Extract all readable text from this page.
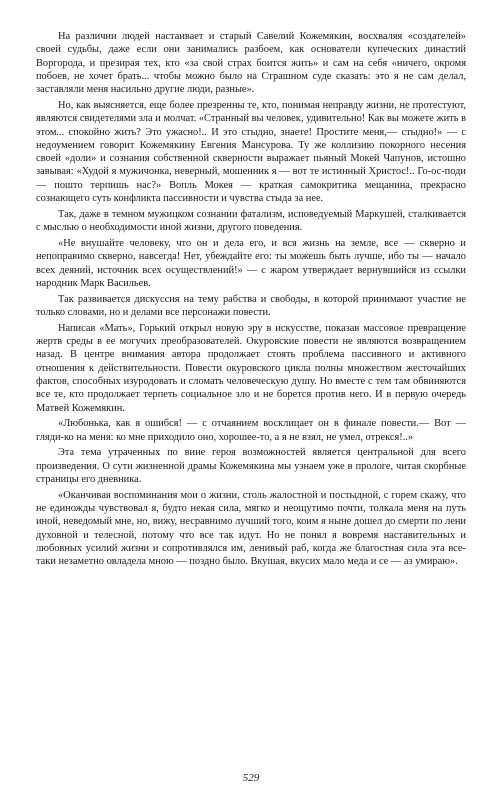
На различии людей настаивает и старый Савелий Кожемякин, восхваляя «создателей» своей судьбы, даже если они занимались разбоем, как основатели купеческих династий Воргорода, и презирая тех, кто «за свой страх боится жить» и сам на себя «ничего, окромя побоев, не хочет брать... чтобы можно было на Страшном суде сказать: это я не сам делал, заставляли меня насильно другие люди, разные».

Но, как выясняется, еще более презренны те, кто, понимая неправду жизни, не протестуют, являются свидетелями зла и молчат. «Странный вы человек, удивительно! Как вы можете жить в этом... спокойно жить? Это ужасно!.. И это стыдно, знаете! Простите меня,— стыдно!» — с недоумением говорит Кожемякину Евгения Мансурова. Ту же коллизию покорного несения своей «доли» и сознания собственной скверности выражает пьяный Мокей Чапунов, истошно завывая: «Худой я мужичонка, неверный, мошенник я — вот те истинный Христос!.. Го-ос-поди — пошто терпишь нас?» Вопль Мокея — краткая самокритика мещанина, прекрасно сознающего суть конфликта пассивности и чувства стыда за нее.

Так, даже в темном мужицком сознании фатализм, исповедуемый Маркушей, сталкивается с мыслью о необходимости иной жизни, другого поведения.

«Не внушайте человеку, что он и дела его, и вся жизнь на земле, все — скверно и непоправимо скверно, навсегда! Нет, убеждайте его: ты можешь быть лучше, ибо ты — начало всех деяний, источник всех осуществлений!» — с жаром утверждает вернувшийся из ссылки народник Марк Васильев.

Так развивается дискуссия на тему рабства и свободы, в которой принимают участие не только словами, но и делами все персонажи повести.

Написав «Мать», Горький открыл новую эру в искусстве, показав массовое превращение жертв среды в ее могучих преобразователей. Окуровские повести не являются возвращением назад. В центре внимания автора продолжает стоять проблема пассивного и активного отношения к действительности. Повести окуровского цикла полны множеством жесточайших фактов, способных изуродовать и сломать человеческую душу. Но вместе с тем там обвиняются все те, кто продолжает терпеть социальное зло и не борется против него. И в первую очередь Матвей Кожемякин.

«Любонька, как я ошибся! — с отчаянием восклицает он в финале повести.— Вот — гляди-ко на меня: ко мне приходило оно, хорошее-то, а я не взял, не умел, отрекся!..»

Эта тема утраченных по вине героя возможностей является центральной для всего произведения. О сути жизненной драмы Кожемякина мы узнаем уже в прологе, читая скорбные страницы его дневника.

«Оканчивая воспоминания мои о жизни, столь жалостной и постыдной, с горем скажу, что не единожды чувствовал я, будто некая сила, мягко и неощутимо почти, толкала меня на путь иной, неведомый мне, но, вижу, несравнимо лучший того, коим я ныне дошел до смерти по лени духовной и телесной, потому что все так идут. Но не понял я вовремя наставительных и любовных усилий жизни и сопротивлялся им, ленивый раб, когда же благостная сила эта все-таки незаметно овладела мною — поздно было. Вкушая, вкусих мало меда и се — аз умираю».

529
